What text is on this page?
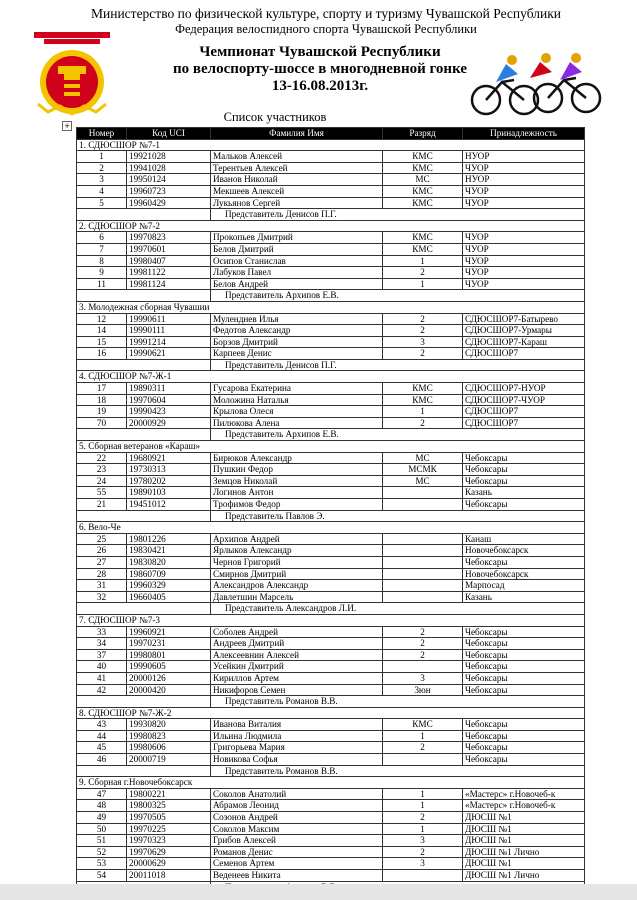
Министерство по физической культуре, спорту и туризму Чувашской Республики
Федерация велоспидного спорта Чувашской Республики
Чемпионат Чувашской Республики
по велоспорту-шоссе в многодневной гонке
13-16.08.2013г.
Список участников
+
Номер	Код UCI	Фамилия Имя	Разряд	Принадлежность
1. СДЮСШОР №7-1				
1	19921028	Мальков Алексей	КМС	НУОР
2	19941028	Терентьев Алексей	КМС	ЧУОР
3	19950124	Иванов Николай	МС	НУОР
4	19960723	Мекшеев Алексей	КМС	ЧУОР
5	19960429	Лукьянов Сергей	КМС	ЧУОР
		Представитель Денисов П.Г.		
2. СДЮСШОР №7-2				
6	19970823	Прокопьев Дмитрий	КМС	ЧУОР
7	19970601	Белов Дмитрий	КМС	ЧУОР
8	19980407	Осипов Станислав	1	ЧУОР
9	19981122	Лабуков Павел	2	ЧУОР
11	19981124	Белов Андрей	1	ЧУОР
		Представитель Архипов Е.В.		
3. Молодежная сборная Чувашии				
12	19990611	Муленднев Илья	2	СДЮСШОР7-Батырево
14	19990111	Федотов Александр	2	СДЮСШОР7-Урмары
15	19991214	Борзов Дмитрий	3	СДЮСШОР7-Караш
16	19990621	Карпеев Денис	2	СДЮСШОР7
		Представитель Денисов П.Г.		
4. СДЮСШОР №7-Ж-1				
17	19890311	Гусарова Екатерина	КМС	СДЮСШОР7-НУОР
18	19970604	Моложина Наталья	КМС	СДЮСШОР7-ЧУОР
19	19990423	Крылова Олеся	1	СДЮСШОР7
70	20000929	Пилюкова Алена	2	СДЮСШОР7
		Представитель Архипов Е.В.		
5. Сборная ветеранов «Караш»				
22	19680921	Бирюков Александр	МС	Чебоксары
23	19730313	Пушкин Федор	МСМК	Чебоксары
24	19780202	Земцов Николай	МС	Чебоксары
55	19890103	Логинов Антон		Казань
21	19451012	Трофимов Федор		Чебоксары
		Представитель Павлов Э.		
6. Вело-Че				
25	19801226	Архипов Андрей		Канаш
26	19830421	Ярлыков Александр		Новочебоксарск
27	19830820	Чернов Григорий		Чебоксары
28	19860709	Смирнов Дмитрий		Новочебоксарск
31	19960329	Александров Александр		Марпосад
32	19660405	Давлетшин Марсель		Казань
		Представитель Александров Л.И.		
7. СДЮСШОР №7-3				
33	19960921	Соболев Андрей	2	Чебоксары
34	19970231	Андреев Дмитрий	2	Чебоксары
37	19980801	Алексеевнин Алексей	2	Чебоксары
40	19990605	Усейкин Дмитрий		Чебоксары
41	20000126	Кириллов Артем	3	Чебоксары
42	20000420	Никифоров Семен	3юн	Чебоксары
		Представитель Романов В.В.		
8. СДЮСШОР №7-Ж-2				
43	19930820	Иванова Виталия	КМС	Чебоксары
44	19980823	Ильина Людмила	1	Чебоксары
45	19980606	Григорьева Мария	2	Чебоксары
46	20000719	Новикова Софья		Чебоксары
		Представитель Романов В.В.		
9. Сборная г.Новочебоксарск				
47	19800221	Соколов Анатолий	1	«Мастерс» г.Новочеб-к
48	19800325	Абрамов Леонид	1	«Мастерс» г.Новочеб-к
49	19970505	Созонов Андрей	2	ДЮСШ №1
50	19970225	Соколов Максим	1	ДЮСШ №1
51	19970323	Грибов Алексей	3	ДЮСШ №1
52	19970629	Романов Денис	2	ДЮСШ №1 Лично
53	20000629	Семенов Артем	3	ДЮСШ №1
54	20011018	Веденеев Никита		ДЮСШ №1 Лично
